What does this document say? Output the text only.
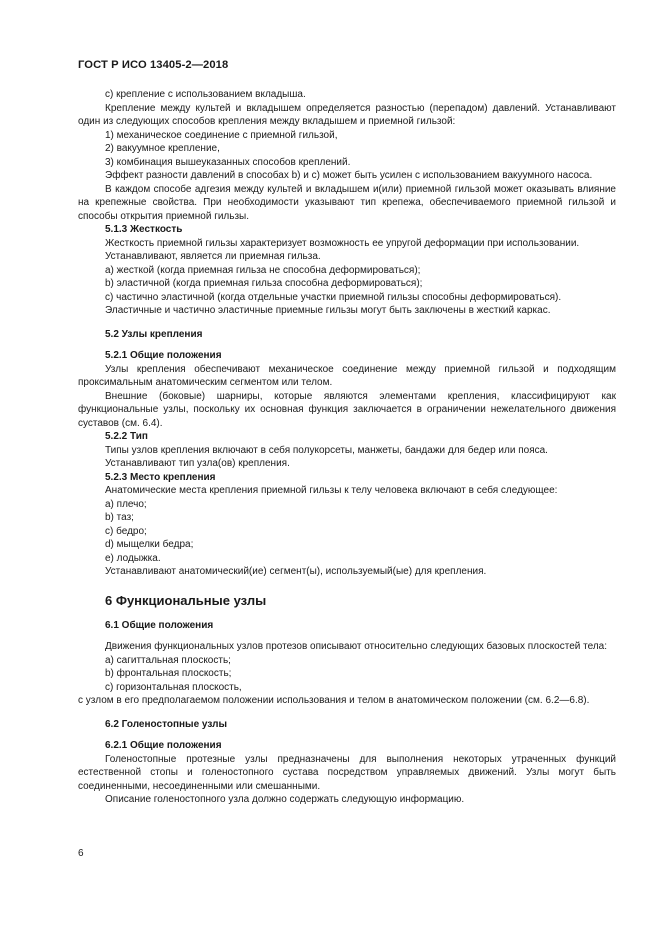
ГОСТ Р ИСО 13405-2—2018

с) крепление с использованием вкладыша.

Крепление между культей и вкладышем определяется разностью (перепадом) давлений. Устанавливают один из следующих способов крепления между вкладышем и приемной гильзой:

1) механическое соединение с приемной гильзой,

2) вакуумное крепление,

3) комбинация вышеуказанных способов креплений.

Эффект разности давлений в способах b) и c) может быть усилен с использованием вакуумного насоса.

В каждом способе адгезия между культей и вкладышем и(или) приемной гильзой может оказывать влияние на крепежные свойства. При необходимости указывают тип крепежа, обеспечиваемого приемной гильзой и способы открытия приемной гильзы.

5.1.3 Жесткость

Жесткость приемной гильзы характеризует возможность ее упругой деформации при использовании.

Устанавливают, является ли приемная гильза.

а) жесткой (когда приемная гильза не способна деформироваться);

b) эластичной (когда приемная гильза способна деформироваться);

с) частично эластичной (когда отдельные участки приемной гильзы способны деформироваться).

Эластичные и частично эластичные приемные гильзы могут быть заключены в жесткий каркас.

5.2 Узлы крепления

5.2.1 Общие положения

Узлы крепления обеспечивают механическое соединение между приемной гильзой и подходящим проксимальным анатомическим сегментом или телом.

Внешние (боковые) шарниры, которые являются элементами крепления, классифицируют как функциональные узлы, поскольку их основная функция заключается в ограничении нежелательного движения суставов (см. 6.4).

5.2.2 Тип

Типы узлов крепления включают в себя полукорсеты, манжеты, бандажи для бедер или пояса.

Устанавливают тип узла(ов) крепления.

5.2.3 Место крепления

Анатомические места крепления приемной гильзы к телу человека включают в себя следующее:

а) плечо;

b) таз;

с) бедро;

d) мыщелки бедра;

е) лодыжка.

Устанавливают анатомический(ие) сегмент(ы), используемый(ые) для крепления.

6 Функциональные узлы

6.1 Общие положения

Движения функциональных узлов протезов описывают относительно следующих базовых плоскостей тела:

а) сагиттальная плоскость;

b) фронтальная плоскость;

с) горизонтальная плоскость,

с узлом в его предполагаемом положении использования и телом в анатомическом положении (см. 6.2—6.8).

6.2 Голеностопные узлы

6.2.1 Общие положения

Голеностопные протезные узлы предназначены для выполнения некоторых утраченных функций естественной стопы и голеностопного сустава посредством управляемых движений. Узлы могут быть соединенными, несоединенными или смешанными.

Описание голеностопного узла должно содержать следующую информацию.

6
